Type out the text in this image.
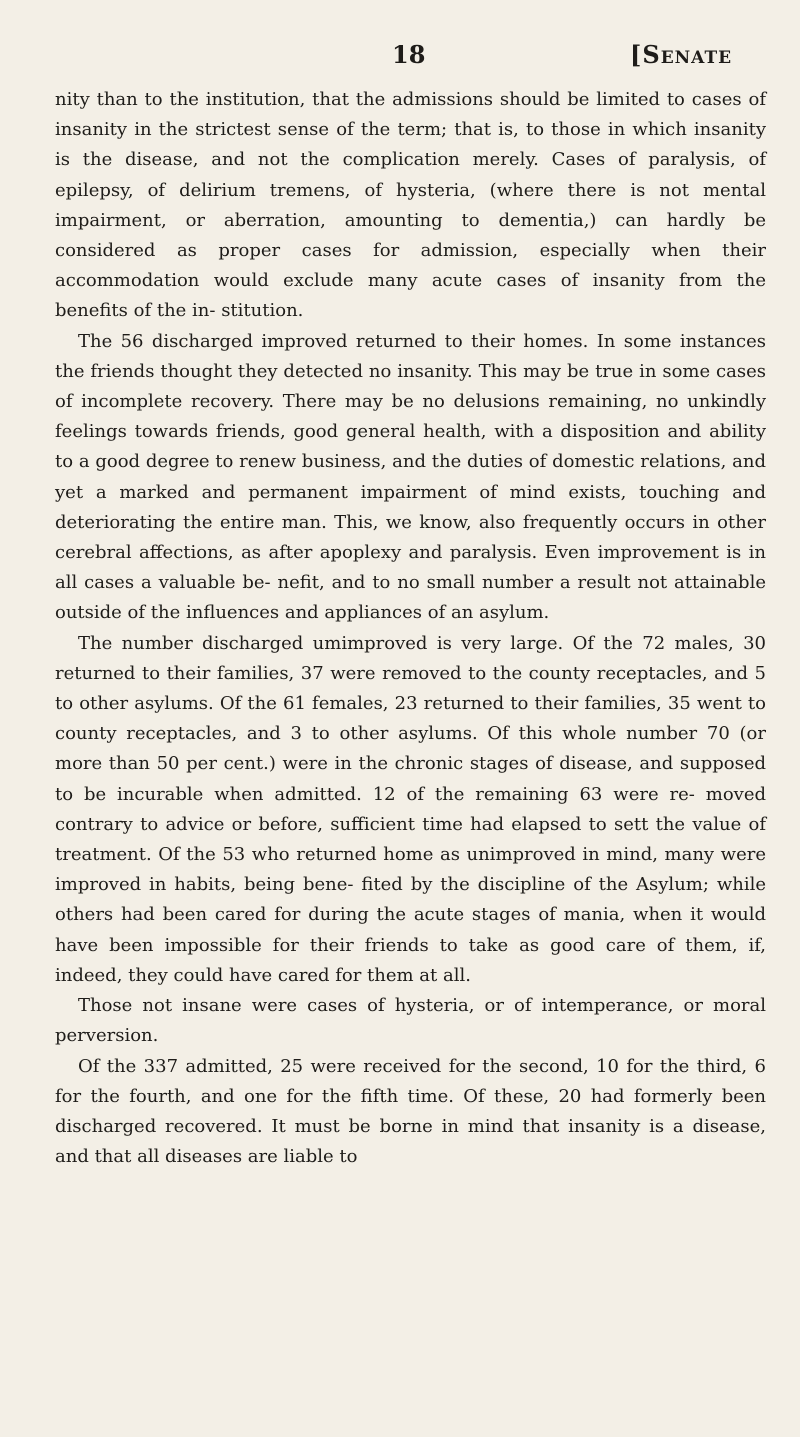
18	[Senate

nity than to the institution, that the admissions should be limited to cases of insanity in the strictest sense of the term; that is, to those in which insanity is the disease, and not the complication merely. Cases of paralysis, of epilepsy, of delirium tremens, of hysteria, (where there is not mental impairment, or aberration, amounting to dementia,) can hardly be considered as proper cases for admission, especially when their accommodation would exclude many acute cases of insanity from the benefits of the in- stitution.

The 56 discharged improved returned to their homes. In some instances the friends thought they detected no insanity. This may be true in some cases of incomplete recovery. There may be no delusions remaining, no unkindly feelings towards friends, good general health, with a disposition and ability to a good degree to renew business, and the duties of domestic relations, and yet a marked and permanent impairment of mind exists, touching and deteriorating the entire man. This, we know, also frequently occurs in other cerebral affections, as after apoplexy and paralysis. Even improvement is in all cases a valuable be- nefit, and to no small number a result not attainable outside of the influences and appliances of an asylum.

The number discharged umimproved is very large. Of the 72 males, 30 returned to their families, 37 were removed to the county receptacles, and 5 to other asylums. Of the 61 females, 23 returned to their families, 35 went to county receptacles, and 3 to other asylums. Of this whole number 70 (or more than 50 per cent.) were in the chronic stages of disease, and supposed to be incurable when admitted. 12 of the remaining 63 were re- moved contrary to advice or before, sufficient time had elapsed to sett the value of treatment. Of the 53 who returned home as unimproved in mind, many were improved in habits, being bene- fited by the discipline of the Asylum; while others had been cared for during the acute stages of mania, when it would have been impossible for their friends to take as good care of them, if, indeed, they could have cared for them at all.

Those not insane were cases of hysteria, or of intemperance, or moral perversion.

Of the 337 admitted, 25 were received for the second, 10 for the third, 6 for the fourth, and one for the fifth time. Of these, 20 had formerly been discharged recovered. It must be borne in mind that insanity is a disease, and that all diseases are liable to
